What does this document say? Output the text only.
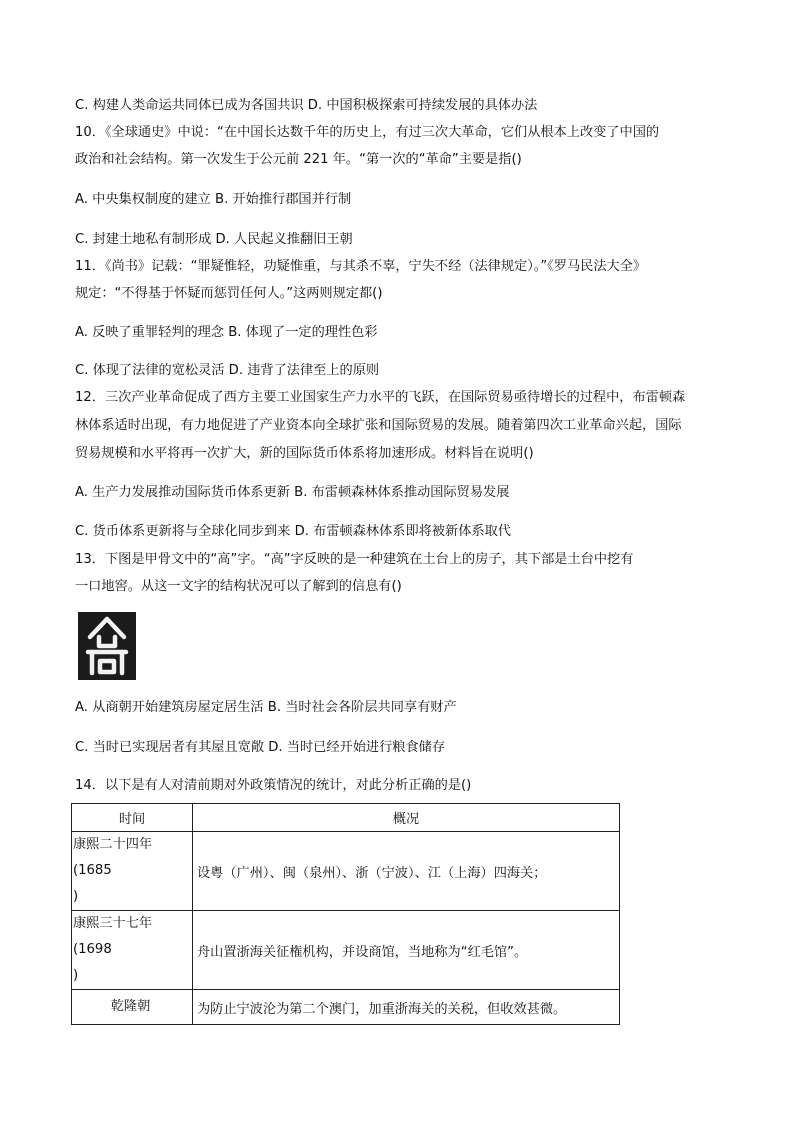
C. 构建人类命运共同体已成为各国共识 D. 中国积极探索可持续发展的具体办法
10．《全球通史》中说：“在中国长达数千年的历史上，有过三次大革命，它们从根本上改变了中国的
政治和社会结构。第一次发生于公元前 221 年。“第一次的“革命”主要是指()
A. 中央集权制度的建立 B. 开始推行郡国并行制
C. 封建土地私有制形成 D. 人民起义推翻旧王朝
11．《尚书》记载：“罪疑惟轻，功疑惟重，与其杀不辜，宁失不经（法律规定）。”《罗马民法大全》
规定：“不得基于怀疑而惩罚任何人。”这两则规定都()
A. 反映了重罪轻判的理念 B. 体现了一定的理性色彩
C. 体现了法律的宽松灵活 D. 违背了法律至上的原则
12．三次产业革命促成了西方主要工业国家生产力水平的飞跃，在国际贸易亟待增长的过程中，布雷顿森
林体系适时出现，有力地促进了产业资本向全球扩张和国际贸易的发展。随着第四次工业革命兴起，国际
贸易规模和水平将再一次扩大，新的国际货币体系将加速形成。材料旨在说明()
A. 生产力发展推动国际货币体系更新 B. 布雷顿森林体系推动国际贸易发展
C. 货币体系更新将与全球化同步到来 D. 布雷顿森林体系即将被新体系取代
13．下图是甲骨文中的“高”字。“高”字反映的是一种建筑在土台上的房子，其下部是土台中挖有
一口地窖。从这一文字的结构状况可以了解到的信息有()
A. 从商朝开始建筑房屋定居生活 B. 当时社会各阶层共同享有财产
C. 当时已实现居者有其屋且宽敞 D. 当时已经开始进行粮食储存
14．以下是有人对清前期对外政策情况的统计，对此分析正确的是()
时间	概况
康熙二十四年(1685
)	设粤（广州）、闽（泉州）、浙（宁波）、江（上海）四海关；
康熙三十七年(1698
)	舟山置浙海关征権机构，并设商馆，当地称为“红毛馆”。
乾隆朝	为防止宁波沦为第二个澳门，加重浙海关的关税，但收效甚微。
